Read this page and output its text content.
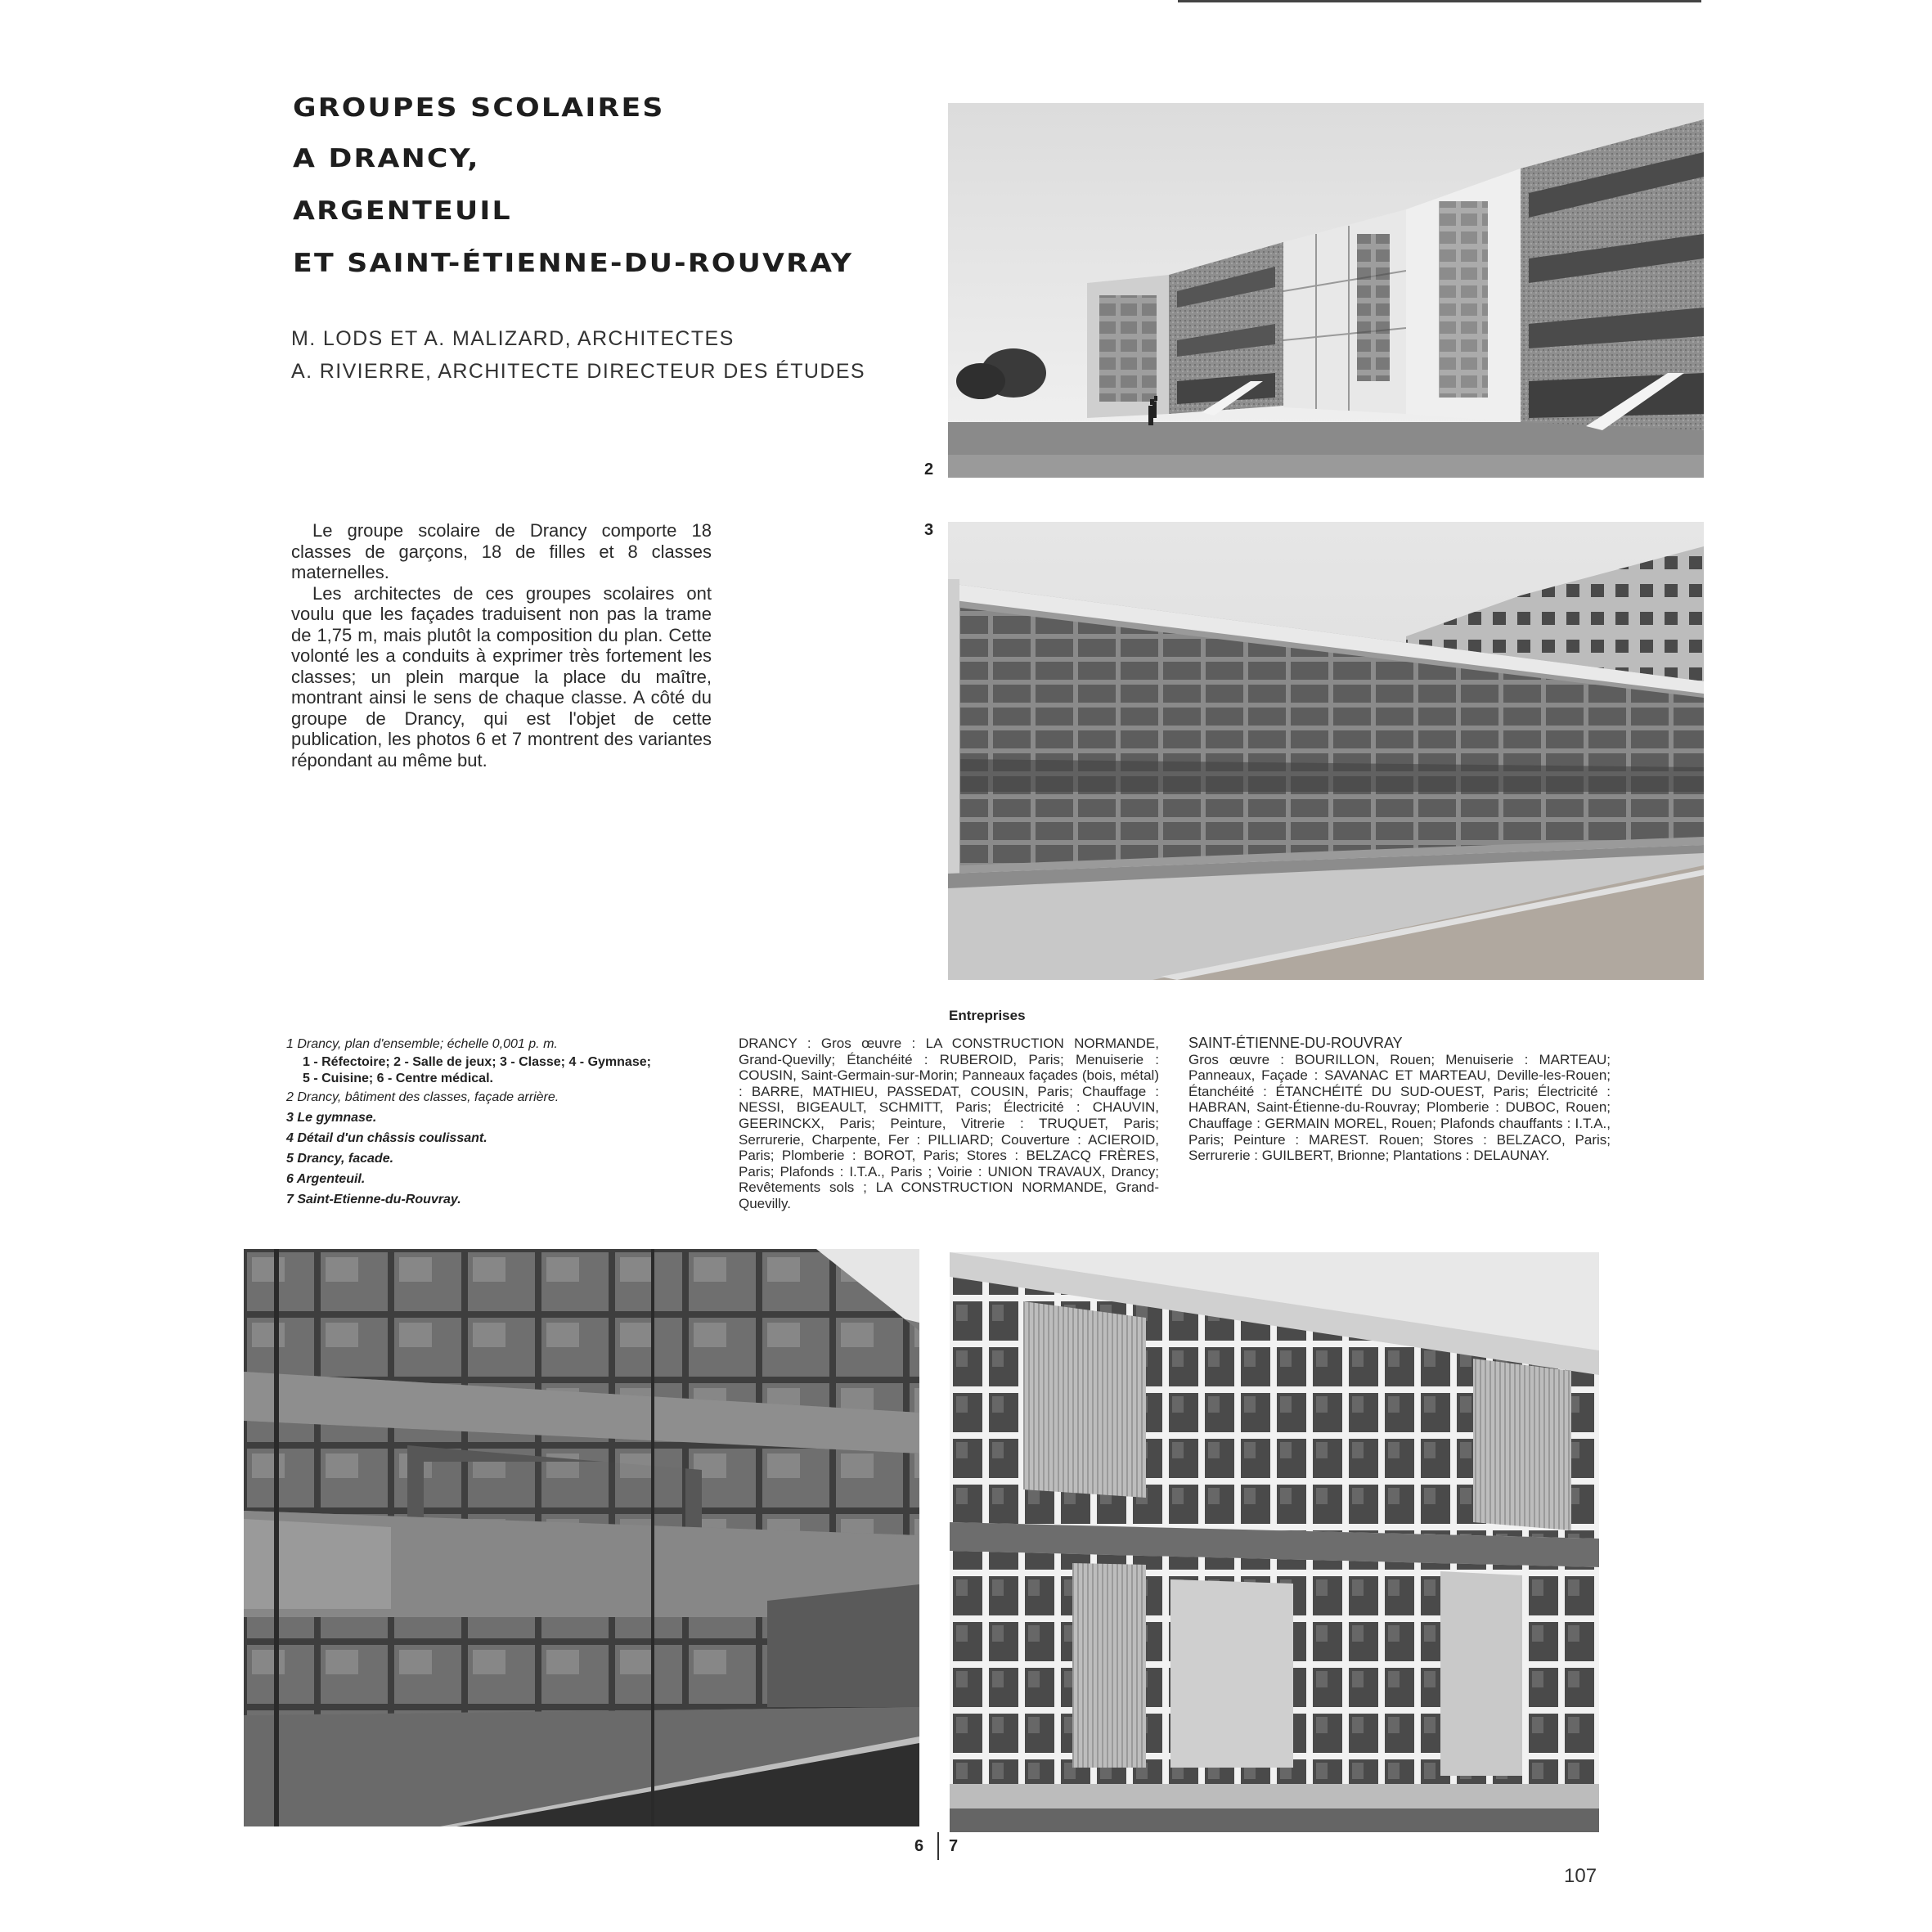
GROUPES SCOLAIRES
A DRANCY,
ARGENTEUIL
ET SAINT-ÉTIENNE-DU-ROUVRAY
M. LODS ET A. MALIZARD, ARCHITECTES
A. RIVIERRE, ARCHITECTE DIRECTEUR DES ÉTUDES

Le groupe scolaire de Drancy comporte 18 classes de garçons, 18 de filles et 8 classes maternelles.

Les architectes de ces groupes scolaires ont voulu que les façades traduisent non pas la trame de 1,75 m, mais plutôt la composition du plan. Cette volonté les a conduits à exprimer très fortement les classes; un plein marque la place du maître, montrant ainsi le sens de chaque classe. A côté du groupe de Drancy, qui est l'objet de cette publication, les photos 6 et 7 montrent des variantes répondant au même but.

2
3
1 Drancy, plan d'ensemble; échelle 0,001 p. m.
1 - Réfectoire; 2 - Salle de jeux; 3 - Classe; 4 - Gymnase;
5 - Cuisine; 6 - Centre médical.
2 Drancy, bâtiment des classes, façade arrière.
3 Le gymnase.
4 Détail d'un châssis coulissant.
5 Drancy, facade.
6 Argenteuil.
7 Saint-Etienne-du-Rouvray.
Entreprises
DRANCY : Gros œuvre : LA CONSTRUCTION NORMANDE, Grand-Quevilly; Étanchéité : RUBEROID, Paris; Menuiserie : COUSIN, Saint-Germain-sur-Morin; Panneaux façades (bois, métal) : BARRE, MATHIEU, PASSEDAT, COUSIN, Paris; Chauffage : NESSI, BIGEAULT, SCHMITT, Paris; Électricité : CHAUVIN, GEERINCKX, Paris; Peinture, Vitrerie : TRUQUET, Paris; Serrurerie, Charpente, Fer : PILLIARD; Couverture : ACIEROID, Paris; Plomberie : BOROT, Paris; Stores : BELZACQ FRÈRES, Paris; Plafonds : I.T.A., Paris ; Voirie : UNION TRAVAUX, Drancy; Revêtements sols ; LA CONSTRUCTION NORMANDE, Grand-Quevilly.
SAINT-ÉTIENNE-DU-ROUVRAY
Gros œuvre : BOURILLON, Rouen; Menuiserie : MARTEAU; Panneaux, Façade : SAVANAC ET MARTEAU, Deville-les-Rouen; Étanchéité : ÉTANCHÉITÉ DU SUD-OUEST, Paris; Électricité : HABRAN, Saint-Étienne-du-Rouvray; Plomberie : DUBOC, Rouen; Chauffage : GERMAIN MOREL, Rouen; Plafonds chauffants : I.T.A., Paris; Peinture : MAREST. Rouen; Stores : BELZACO, Paris; Serrurerie : GUILBERT, Brionne; Plantations : DELAUNAY.
6 7
107
